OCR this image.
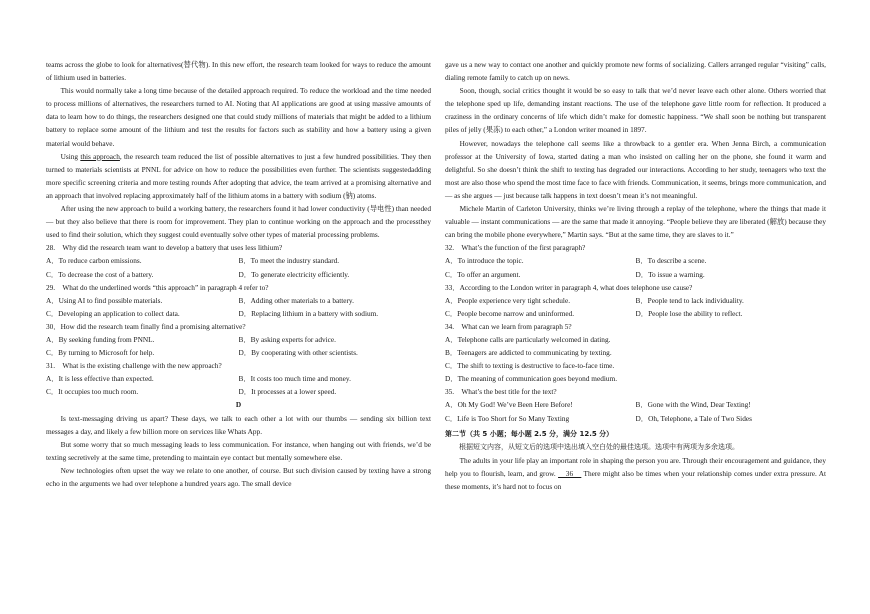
teams across the globe to look for alternatives(替代物). In this new effort, the research team looked for ways to reduce the amount of lithium used in batteries.
This would normally take a long time because of the detailed approach required. To reduce the workload and the time needed to process millions of alternatives, the researchers turned to AI. Noting that AI applications are good at using massive amounts of data to learn how to do things, the researchers designed one that could study millions of materials that might be added to a lithium battery to replace some amount of the lithium and test the results for factors such as stability and how a battery using a given material would behave.
Using this approach, the research team reduced the list of possible alternatives to just a few hundred possibilities. They then turned to materials scientists at PNNL for advice on how to reduce the possibilities even further. The scientists suggestedadding more specific screening criteria and more testing rounds After adopting that advice, the team arrived at a promising alternative and an approach that involved replacing approximately half of the lithium atoms in a battery with sodium (钠) atoms.
After using the new approach to build a working battery, the researchers found it had lower conductivity (导电性) than needed — but they also believe that there is room for improvement. They plan to continue working on the approach and the processthey used to find their solution, which they suggest could eventually solve other types of material processing problems.
28.　Why did the research team want to develop a battery that uses less lithium?
A．To reduce carbon emissions.	B．To meet the industry standard.
C．To decrease the cost of a battery.	D．To generate electricity efficiently.
29.　What do the underlined words “this approach” in paragraph 4 refer to?
A．Using AI to find possible materials.	B．Adding other materials to a battery.
C．Developing an application to collect data.	D．Replacing lithium in a battery with sodium.
30．How did the research team finally find a promising alternative?
A．By seeking funding from PNNL.	B．By asking experts for advice.
C．By turning to Microsoft for help.	D．By cooperating with other scientists.
31.　What is the existing challenge with the new approach?
A．It is less effective than expected.	B．It costs too much time and money.
C．It occupies too much room.	D．It processes at a lower speed.
D
Is text-messaging driving us apart? These days, we talk to each other a lot with our thumbs — sending six billion text messages a day, and likely a few billion more on services like Whats App.
But some worry that so much messaging leads to less communication. For instance, when hanging out with friends, we’d be texting secretively at the same time, pretending to maintain eye contact but mentally somewhere else.
New technologies often upset the way we relate to one another, of course. But such division caused by texting have a strong echo in the arguments we had over telephone a hundred years ago. The small device
gave us a new way to contact one another and quickly promote new forms of socializing. Callers arranged regular “visiting” calls, dialing remote family to catch up on news.
Soon, though, social critics thought it would be so easy to talk that we’d never leave each other alone. Others worried that the telephone sped up life, demanding instant reactions. The use of the telephone gave little room for reflection. It produced a craziness in the ordinary concerns of life which didn’t make for domestic happiness. “We shall soon be nothing but transparent piles of jelly (果冻) to each other,” a London writer moaned in 1897.
However, nowadays the telephone call seems like a throwback to a gentler era. When Jenna Birch, a communication professor at the University of Iowa, started dating a man who insisted on calling her on the phone, she found it warm and delightful. So she doesn’t think the shift to texting has degraded our interactions. According to her study, teenagers who text the most are also those who spend the most time face to face with friends. Communication, it seems, brings more communication, and — as she argues — just because talk happens in text doesn’t mean it’s not meaningful.
Michele Martin of Carleton University, thinks we’re living through a replay of the telephone, where the things that made it valuable — instant communications — are the same that made it annoying. “People believe they are liberated (解放) because they can bring the mobile phone everywhere,” Martin says. “But at the same time, they are slaves to it.”
32.　What’s the function of the first paragraph?
A．To introduce the topic.	B．To describe a scene.
C．To offer an argument.	D．To issue a warning.
33．According to the London writer in paragraph 4, what does telephone use cause?
A．People experience very tight schedule.	B．People tend to lack individuality.
C．People become narrow and uninformed.	D．People lose the ability to reflect.
34.　What can we learn from paragraph 5?
A．Telephone calls are particularly welcomed in dating.
B．Teenagers are addicted to communicating by texting.
C．The shift to texting is destructive to face-to-face time.
D．The meaning of communication goes beyond medium.
35.　What’s the best title for the text?
A．Oh My God! We’ve Been Here Before!	B．Gone with the Wind, Dear Texting!
C．Life is Too Short for So Many Texting	D．Oh, Telephone, a Tale of Two Sides
第二节（共 5 小题；每小题 2.5 分，满分 12.5 分）
根据短文内容，从短文后的选项中选出填入空白处的最佳选项。选项中有两项为多余选项。
The adults in your life play an important role in shaping the person you are. Through their encouragement and guidance, they help you to flourish, learn, and grow. 　36　 There might also be times when your relationship comes under extra pressure. At these moments, it’s hard not to focus on
